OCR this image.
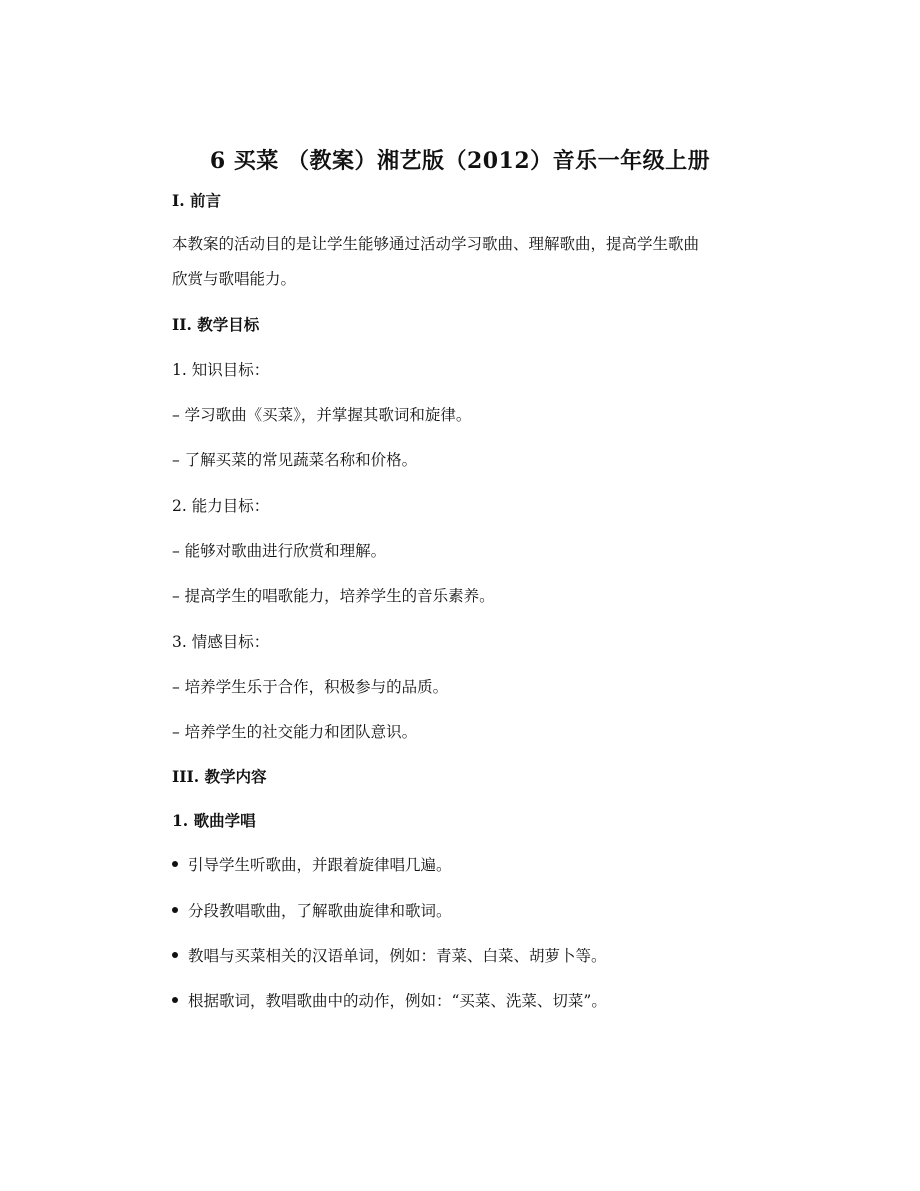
6 买菜 （教案）湘艺版（2012）音乐一年级上册
I. 前言
本教案的活动目的是让学生能够通过活动学习歌曲、理解歌曲，提高学生歌曲
欣赏与歌唱能力。
II. 教学目标
1. 知识目标：
– 学习歌曲《买菜》，并掌握其歌词和旋律。
– 了解买菜的常见蔬菜名称和价格。
2. 能力目标：
– 能够对歌曲进行欣赏和理解。
– 提高学生的唱歌能力，培养学生的音乐素养。
3. 情感目标：
– 培养学生乐于合作，积极参与的品质。
– 培养学生的社交能力和团队意识。
III. 教学内容
1. 歌曲学唱
引导学生听歌曲，并跟着旋律唱几遍。
分段教唱歌曲，了解歌曲旋律和歌词。
教唱与买菜相关的汉语单词，例如：青菜、白菜、胡萝卜等。
根据歌词，教唱歌曲中的动作，例如：“买菜、洗菜、切菜”。
